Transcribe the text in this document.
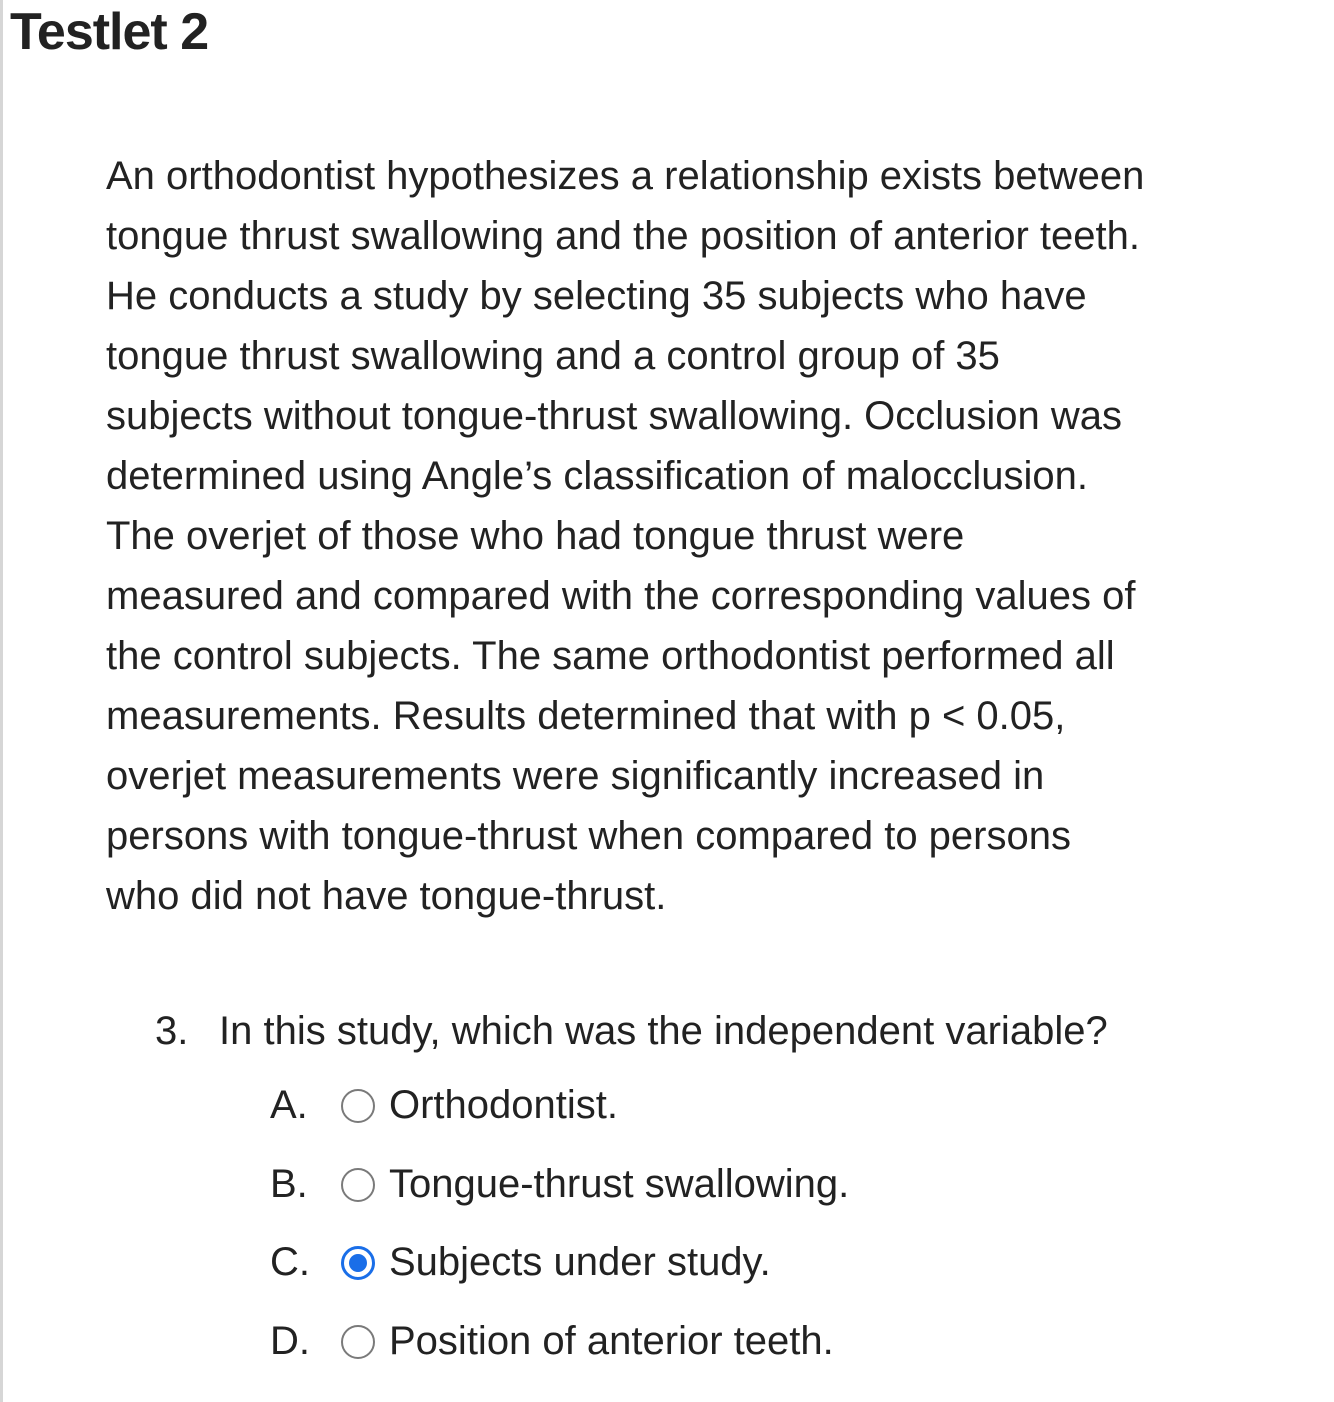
Testlet 2
An orthodontist hypothesizes a relationship exists between
tongue thrust swallowing and the position of anterior teeth.
He conducts a study by selecting 35 subjects who have
tongue thrust swallowing and a control group of 35
subjects without tongue-thrust swallowing. Occlusion was
determined using Angle’s classification of malocclusion.
The overjet of those who had tongue thrust were
measured and compared with the corresponding values of
the control subjects. The same orthodontist performed all
measurements. Results determined that with p < 0.05,
overjet measurements were significantly increased in
persons with tongue-thrust when compared to persons
who did not have tongue-thrust.
3. In this study, which was the independent variable?
A. Orthodontist.
B. Tongue-thrust swallowing.
C. Subjects under study.
D. Position of anterior teeth.
